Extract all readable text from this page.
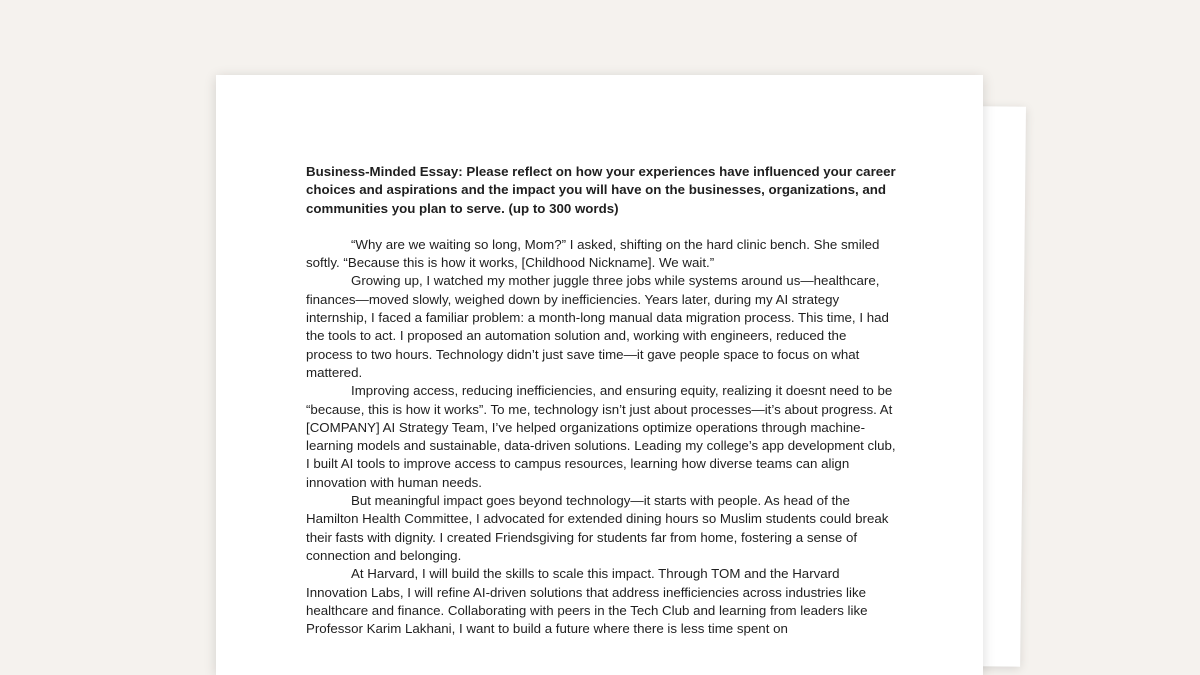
Business-Minded Essay: Please reflect on how your experiences have influenced your career choices and aspirations and the impact you will have on the businesses, organizations, and communities you plan to serve. (up to 300 words)

“Why are we waiting so long, Mom?” I asked, shifting on the hard clinic bench. She smiled softly. “Because this is how it works, [Childhood Nickname]. We wait.”

Growing up, I watched my mother juggle three jobs while systems around us—healthcare, finances—moved slowly, weighed down by inefficiencies. Years later, during my AI strategy internship, I faced a familiar problem: a month-long manual data migration process. This time, I had the tools to act. I proposed an automation solution and, working with engineers, reduced the process to two hours. Technology didn’t just save time—it gave people space to focus on what mattered.

Improving access, reducing inefficiencies, and ensuring equity, realizing it doesnt need to be “because, this is how it works”. To me, technology isn’t just about processes—it’s about progress. At [COMPANY] AI Strategy Team, I’ve helped organizations optimize operations through machine-learning models and sustainable, data-driven solutions. Leading my college’s app development club, I built AI tools to improve access to campus resources, learning how diverse teams can align innovation with human needs.

But meaningful impact goes beyond technology—it starts with people. As head of the Hamilton Health Committee, I advocated for extended dining hours so Muslim students could break their fasts with dignity. I created Friendsgiving for students far from home, fostering a sense of connection and belonging.

At Harvard, I will build the skills to scale this impact. Through TOM and the Harvard Innovation Labs, I will refine AI-driven solutions that address inefficiencies across industries like healthcare and finance. Collaborating with peers in the Tech Club and learning from leaders like Professor Karim Lakhani, I want to build a future where there is less time spent on
